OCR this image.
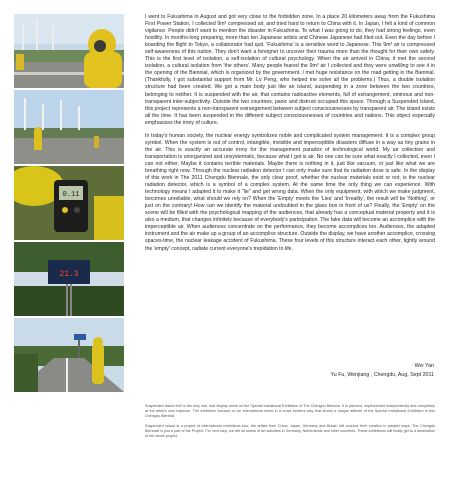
0.11
21.3

I went to Fukushima in August and got very close to the forbidden zone. In a place 20 kilometers away from the Fukushima First Power Station, I collected 9m³ compressed air, and tried hard to return to China with it. In Japan, I felt a kind of common vigilance. People didn't want to mention the disaster in Fukushima. To what I was going to do, they had strong feelings, even hostility. In months-long preparing, more than ten Japanese artists and Chinese Japanese had filed out. Even the day before I boarding the flight to Tokyo, a collaborator had quit. 'Fukushima' is a sensitive word to Japanese. This 9m³ air is compressed self-awareness of this nation. They don't want a foreigner to uncover their trauma more than the thought for their own safety. This is the first level of isolation, a self-isolation of cultural psychology. When the air arrived in China, it met the second isolation, a cultural isolation from 'the others'. Many people feared the 9m³ air I collected and they were unwilling to see it in the opening of the Biennial, which is organized by the government. I met huge resistance on the road getting in the Biennial. (Thankfully, I got substantial support from Mr. Lv Peng, who helped me solve all the problems.) Thus, a double isolation structure had been created. We got a main body just like an island, suspending in a zone between the two countries, belonging to neither. It is suspended with the air, that contains radioactive elements, full of estrangement, ominous and non-transparent inter-subjectivity. Outside the two countries, panic and distrust occupied this space. Through a Suspended Island, this project represents a non-transparent estrangement between subject consciousnesses by transparent air. The island exists all the time. It has been suspended in the different subject consciousnesses of countries and nations. This object especially emphasizes the irony of culture.

In today's human society, the nuclear energy symbolizes noble and complicated system management. It is a complex group symbol. When the system is out of control, intangible, invisible and imperceptible disasters diffuse in a way as tiny grains in the air. This is exactly an accurate irony for the management paradox of technological world. My air collection and transportation is unorganized and unsystematic, because what I got is air. No one can be sure what exactly I collected, even I can not either. Maybe it contains terrible materials. Maybe there is nothing in it, just like vacuum, or just like what we are breathing right now. Through the nuclear radiation detector I can only make sure that its radiation dose is safe. In the display of this work in The 2011 Chengdu Biennale, the only clear proof, whether the nuclear materials exist or not, is the nuclear radiation detector, which is a symbol of a complex system. At the same time the only thing we can experience. With technology means I adapted it to make it "lie" and get wrong data. When the only equipment, with which we make judgment, becomes unreliable, what should we rely on? When the 'Empty' meets the 'Lies' and 'Irreality', the result will be 'Nothing', or just on the contrary! How can we identify the material undoubted in the glass box in front of us? Finally, the 'Empty' on the scene will be filled with the psychological mapping of the audiences, that already has a conceptual material property and it is also a medium, that changes infinitely because of everybody's participation. The fake data will become an accomplice with the imperceptible air. When audiences concentrate on the performance, they become accomplices too. Audiences, the adapted instrument and the air make up a group of an accomplice structure. Outside the display, we have another accomplice, crossing spaces-time, the nuclear leakage accident of Fukushima. These four levels of this structure interact each other, tightly around the 'empty' concept, radiate current everyone's trepidation to life.

Wei Yan
Yu Fu, Wenjiang , Chengdu, Aug, Sept 2011

Suspended Island·9m³ is the only one, that display alone on the Special Invitational Exhibition of The Chengdu Biennial. It is planned, implemented independently and completely at the artist's own expense. The exhibition focuses on an international event in a cross borders way that shows a unique attitude of the Special Invitational Exhibition in this Chengdu Biennial.

Suspended Island is a project of international exhibitions tour, the artists from China, Japan, Germany and Britain will conduct their creation in parallel ways. The Chengdu Biennale is just a part of the Project. For next step, we will do series of art activities in Germany, Netherlands and other countries. These exhibitions will finally get to a destination of the whole project.
